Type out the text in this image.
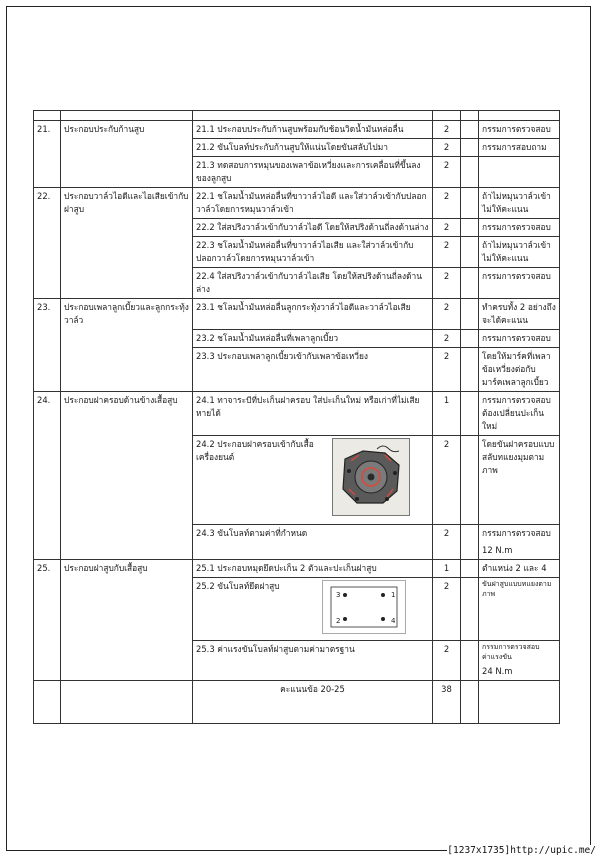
21.	ประกอบประกับก้านสูบ	21.1 ประกอบประกับก้านสูบพร้อมกับช้อนวิดน้ำมันหล่อลื่น	2		กรรมการตรวจสอบ
		21.2 ขันโบลท์ประกับก้านสูบให้แน่นโดยขันสลับไปมา	2		กรรมการสอบถาม
		21.3 ทดสอบการหมุนของเพลาข้อเหวี่ยงและการเคลื่อนที่ขึ้นลงของลูกสูบ	2		
22.	ประกอบวาล์วไอดีและไอเสียเข้ากับฝาสูบ	22.1 ชโลมน้ำมันหล่อลื่นที่ขาวาล์วไอดี และใส่วาล์วเข้ากับปลอกวาล์วโดยการหมุนวาล์วเข้า	2		ถ้าไม่หมุนวาล์วเข้าไม่ให้คะแนน
		22.2 ใส่สปริงวาล์วเข้ากับวาล์วไอดี โดยให้สปริงด้านถี่ลงด้านล่าง	2		กรรมการตรวจสอบ
		22.3 ชโลมน้ำมันหล่อลื่นที่ขาวาล์วไอเสีย และใส่วาล์วเข้ากับปลอกวาล์วโดยการหมุนวาล์วเข้า	2		ถ้าไม่หมุนวาล์วเข้าไม่ให้คะแนน
		22.4 ใส่สปริงวาล์วเข้ากับวาล์วไอเสีย โดยให้สปริงด้านถี่ลงด้านล่าง	2		กรรมการตรวจสอบ
23.	ประกอบเพลาลูกเบี้ยวและลูกกระทุ้งวาล์ว	23.1 ชโลมน้ำมันหล่อลื่นลูกกระทุ้งวาล์วไอดีและวาล์วไอเสีย	2		ทำครบทั้ง 2 อย่างถึงจะได้คะแนน
		23.2 ชโลมน้ำมันหล่อลื่นที่เพลาลูกเบี้ยว	2		กรรมการตรวจสอบ
		23.3 ประกอบเพลาลูกเบี้ยวเข้ากับเพลาข้อเหวี่ยง	2		โดยให้มาร์คที่เพลาข้อเหวี่ยงต่อกับมาร์คเพลาลูกเบี้ยว
24.	ประกอบฝาครอบด้านข้างเสื้อสูบ	24.1 ทาจาระบีที่ปะเก็นฝาครอบ ใส่ปะเก็นใหม่ หรือเก่าที่ไม่เสียหายได้	1		กรรมการตรวจสอบต้องเปลี่ยนปะเก็นใหม่

		24.2 ประกอบฝาครอบเข้ากับเสื้อเครื่องยนต์	2		โดยขันฝาครอบแบบสลับทแยงมุมตามภาพ
		24.3 ขันโบลท์ตามค่าที่กำหนด	2		กรรมการตรวจสอบ
12 N.m

25.	ประกอบฝาสูบกับเสื้อสูบ	25.1 ประกอบหมุดยึดปะเก็น 2 ตัวและปะเก็นฝาสูบ	1		ตำแหน่ง 2 และ 4

		25.2 ขันโบลท์ยึดฝาสูบ
3 1
2 4	2		ขันฝาสูบแบบทแยงตามภาพ
		25.3 ค่าแรงขันโบลท์ฝาสูบตามค่ามาตรฐาน	2		กรรมการตรวจสอบค่าแรงขัน
24 N.m

		คะแนนข้อ 20-25	38		
[1237x1735]http://upic.me/
